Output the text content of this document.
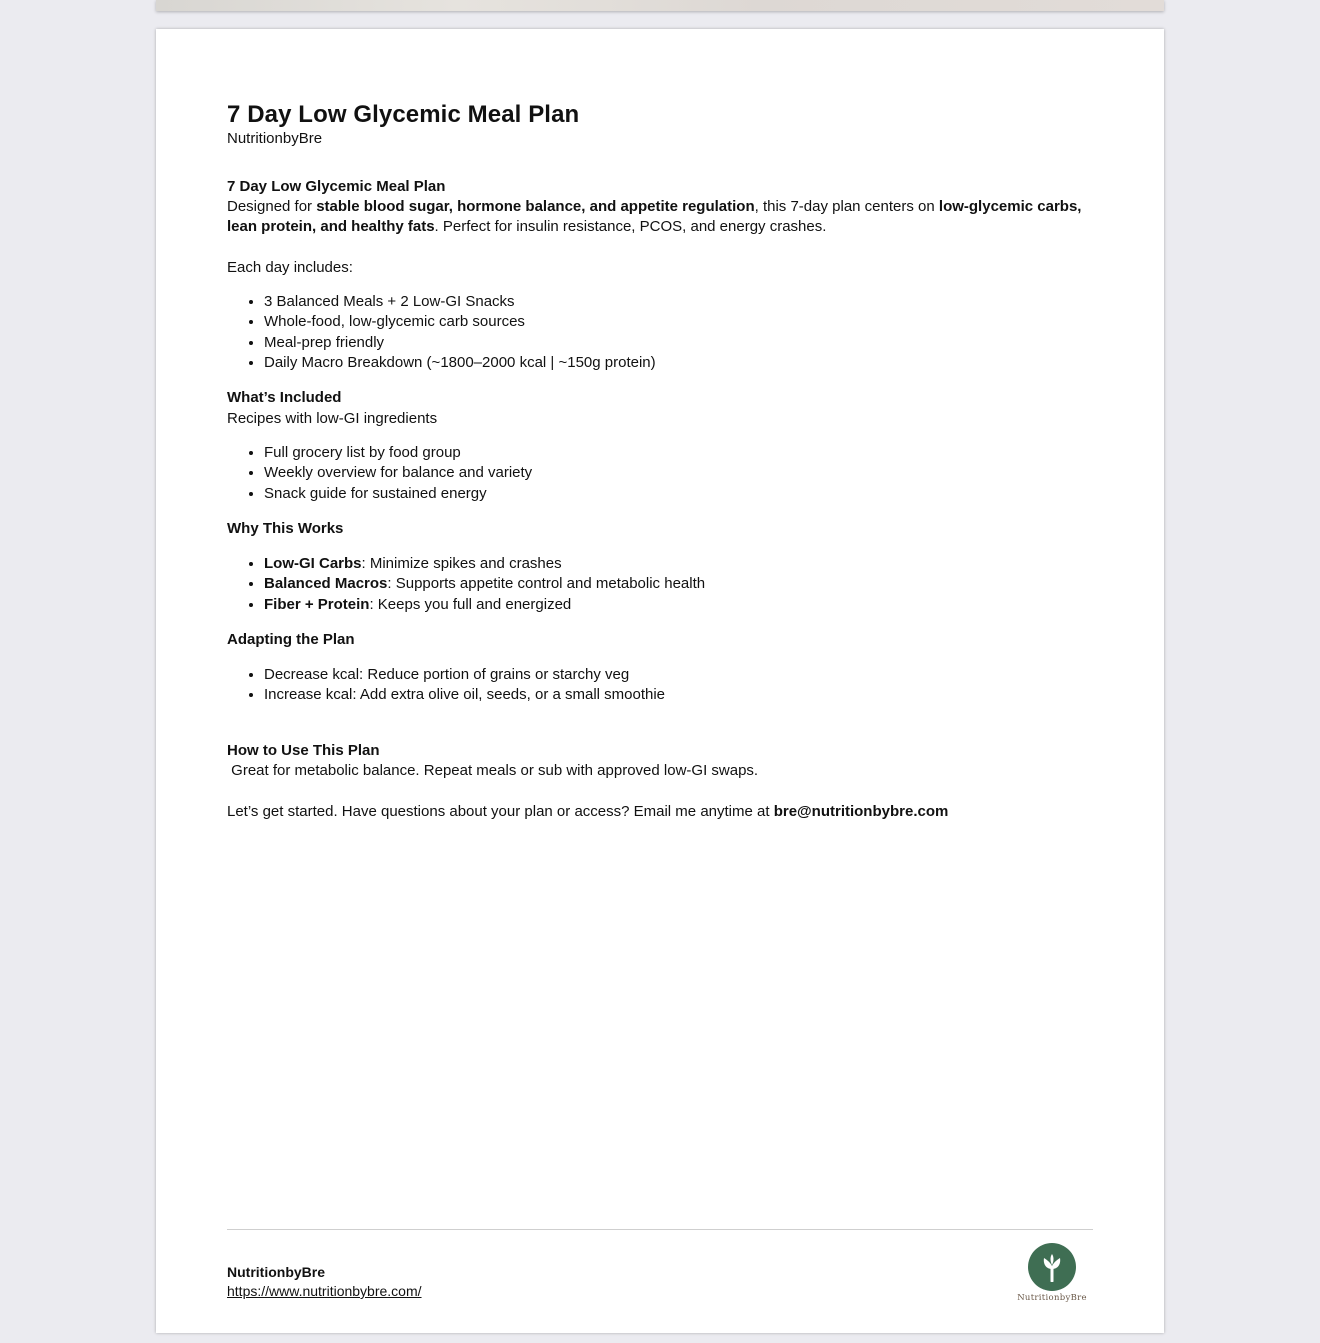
7 Day Low Glycemic Meal Plan

NutritionbyBre

7 Day Low Glycemic Meal Plan

Designed for stable blood sugar, hormone balance, and appetite regulation, this 7-day plan centers on low-glycemic carbs, lean protein, and healthy fats. Perfect for insulin resistance, PCOS, and energy crashes.

Each day includes:

• 3 Balanced Meals + 2 Low-GI Snacks
• Whole-food, low-glycemic carb sources
• Meal-prep friendly
• Daily Macro Breakdown (~1800–2000 kcal | ~150g protein)

What’s Included

Recipes with low-GI ingredients

• Full grocery list by food group
• Weekly overview for balance and variety
• Snack guide for sustained energy

Why This Works

• Low-GI Carbs: Minimize spikes and crashes
• Balanced Macros: Supports appetite control and metabolic health
• Fiber + Protein: Keeps you full and energized

Adapting the Plan

• Decrease kcal: Reduce portion of grains or starchy veg
• Increase kcal: Add extra olive oil, seeds, or a small smoothie

How to Use This Plan

Great for metabolic balance. Repeat meals or sub with approved low-GI swaps.

Let’s get started. Have questions about your plan or access? Email me anytime at bre@nutritionbybre.com

NutritionbyBre
https://www.nutritionbybre.com/	NutritionbyBre
